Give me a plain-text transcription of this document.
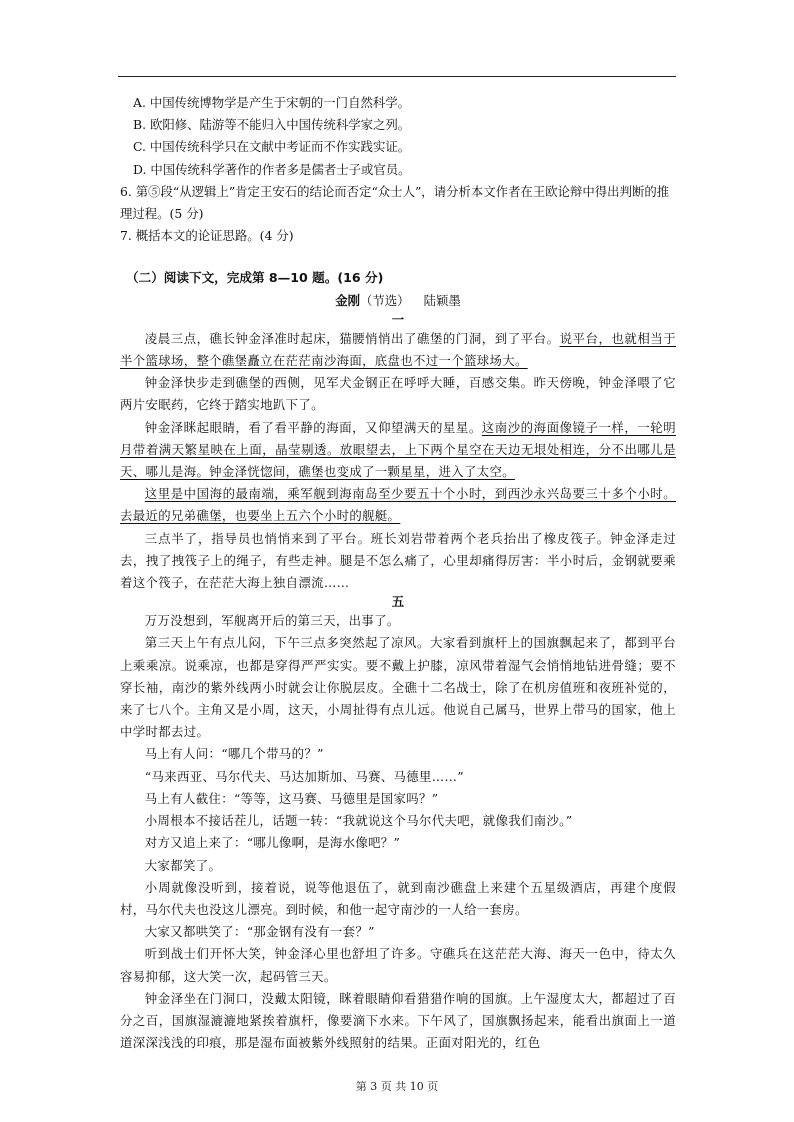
A. 中国传统博物学是产生于宋朝的一门自然科学。

B. 欧阳修、陆游等不能归入中国传统科学家之列。

C. 中国传统科学只在文献中考证而不作实践实证。

D. 中国传统科学著作的作者多是儒者士子或官员。

6. 第⑤段“从逻辑上”肯定王安石的结论而否定“众士人”，请分析本文作者在王欧论辩中得出判断的推理过程。(5 分)

7. 概括本文的论证思路。(4 分)

（二）阅读下文，完成第 8—10 题。(16 分)

金刚（节选） 陆颖墨

一

凌晨三点，礁长钟金泽准时起床，猫腰悄悄出了礁堡的门洞，到了平台。说平台，也就相当于半个篮球场，整个礁堡矗立在茫茫南沙海面，底盘也不过一个篮球场大。

钟金泽快步走到礁堡的西侧，见军犬金钢正在呼呼大睡，百感交集。昨天傍晚，钟金泽喂了它两片安眠药，它终于踏实地趴下了。

钟金泽眯起眼睛，看了看平静的海面，又仰望满天的星星。这南沙的海面像镜子一样，一轮明月带着满天繁星映在上面，晶莹剔透。放眼望去，上下两个星空在天边无垠处相连，分不出哪儿是天、哪儿是海。钟金泽恍惚间，礁堡也变成了一颗星星，进入了太空。

这里是中国海的最南端，乘军舰到海南岛至少要五十个小时，到西沙永兴岛要三十多个小时。去最近的兄弟礁堡，也要坐上五六个小时的舰艇。

三点半了，指导员也悄悄来到了平台。班长刘岩带着两个老兵抬出了橡皮筏子。钟金泽走过去，拽了拽筏子上的绳子，有些走神。腿是不怎么痛了，心里却痛得厉害：半小时后，金钢就要乘着这个筏子，在茫茫大海上独自漂流……

五

万万没想到，军舰离开后的第三天，出事了。

第三天上午有点儿闷，下午三点多突然起了凉风。大家看到旗杆上的国旗飘起来了，都到平台上乘乘凉。说乘凉，也都是穿得严严实实。要不戴上护膝，凉风带着湿气会悄悄地钻进骨缝；要不穿长袖，南沙的紫外线两小时就会让你脱层皮。全礁十二名战士，除了在机房值班和夜班补觉的，来了七八个。主角又是小周，这天，小周扯得有点儿远。他说自己属马，世界上带马的国家，他上中学时都去过。

马上有人问：“哪几个带马的？”

“马来西亚、马尔代夫、马达加斯加、马赛、马德里……”

马上有人截住：“等等，这马赛、马德里是国家吗？”

小周根本不接话茬儿，话题一转：“我就说这个马尔代夫吧，就像我们南沙。”

对方又追上来了：“哪儿像啊，是海水像吧？”

大家都笑了。

小周就像没听到，接着说，说等他退伍了，就到南沙礁盘上来建个五星级酒店，再建个度假村，马尔代夫也没这儿漂亮。到时候，和他一起守南沙的一人给一套房。

大家又都哄笑了：“那金钢有没有一套？”

听到战士们开怀大笑，钟金泽心里也舒坦了许多。守礁兵在这茫茫大海、海天一色中，待太久容易抑郁，这大笑一次，起码管三天。

钟金泽坐在门洞口，没戴太阳镜，眯着眼睛仰看猎猎作响的国旗。上午湿度太大，都超过了百分之百，国旗湿漉漉地紧挨着旗杆，像要滴下水来。下午风了，国旗飘扬起来，能看出旗面上一道道深深浅浅的印痕，那是湿布面被紫外线照射的结果。正面对阳光的，红色

第 3 页 共 10 页
